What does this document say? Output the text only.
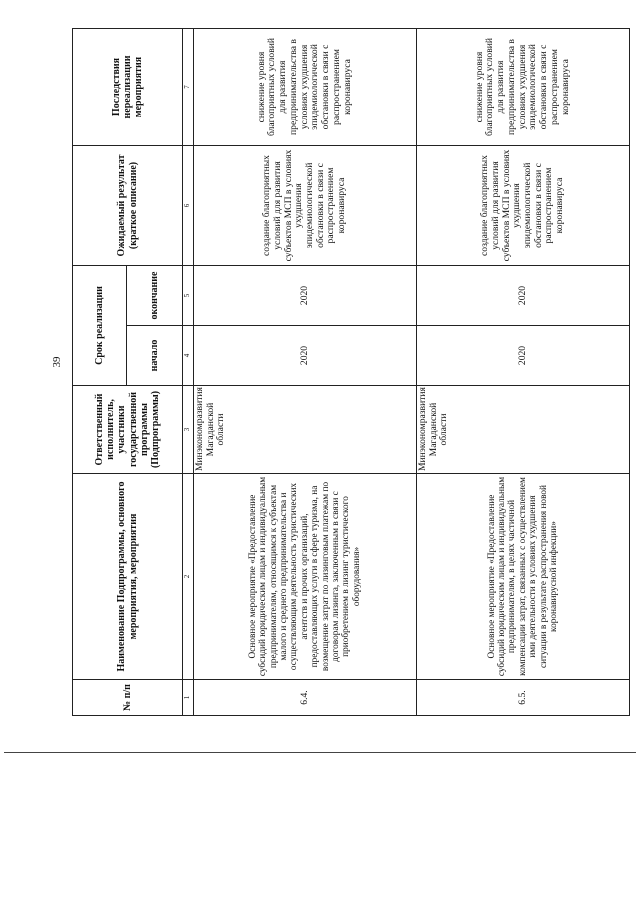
39
№ п/п	Наименование Подпрограммы, основного мероприятия, мероприятия	Ответственный исполнитель, участники государственной программы (Подпрограммы)	Срок реализации		Ожидаемый результат (краткое описание)	Последствия нереализации мероприятия
			начало	окончание		
1	2	3	4	5	6	7
6.4.	Основное мероприятие «Предоставление субсидий юридическим лицам и индивидуальным предпринимателям, относящимся к субъектам малого и среднего предпринимательства и осуществляющим деятельность туристических агентств и прочих организаций, предоставляющих услуги в сфере туризма, на возмещение затрат по лизинговым платежам по договорам лизинга, заключенным в связи с приобретением в лизинг туристического оборудования»	Минэкономразвития Магаданской области	2020	2020	создание благоприятных условий для развития субъектов МСП в условиях ухудшения эпидемиологической обстановки в связи с распространением коронавируса	снижение уровня благоприятных условий для развития предпринимательства в условиях ухудшения эпидемиологической обстановки в связи с распространением коронавируса
6.5.	Основное мероприятие «Предоставление субсидий юридическим лицам и индивидуальным предпринимателям, в целях частичной компенсации затрат, связанных с осуществлением ими деятельности в условиях ухудшения ситуации в результате распространения новой коронавирусной инфекции»	Минэкономразвития Магаданской области	2020	2020	создание благоприятных условий для развития субъектов МСП в условиях ухудшения эпидемиологической обстановки в связи с распространением коронавируса	снижение уровня благоприятных условий для развития предпринимательства в условиях ухудшения эпидемиологической обстановки в связи с распространением коронавируса
